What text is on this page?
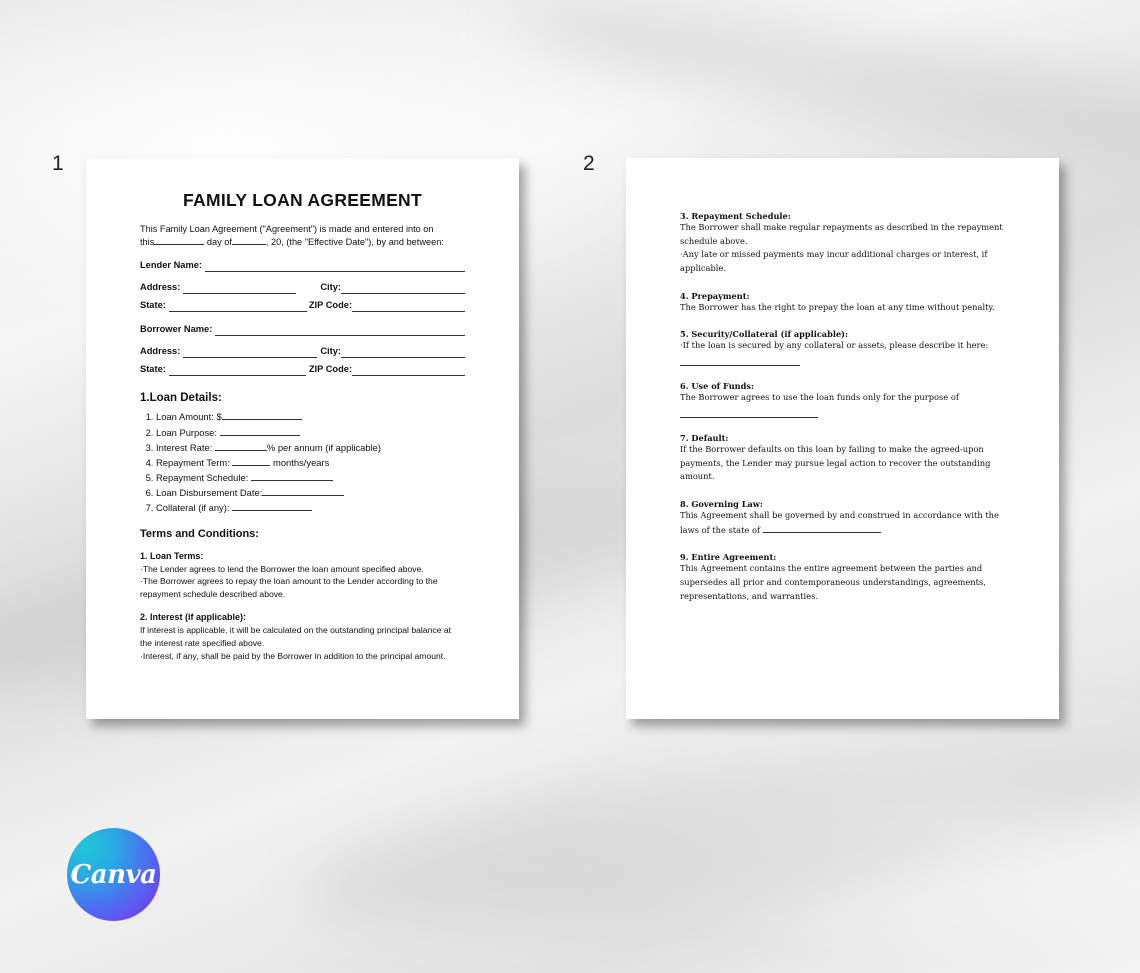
1	2
FAMILY LOAN AGREEMENT
This Family Loan Agreement ("Agreement") is made and entered into on
this	day of	, 20, (the "Effective Date"), by and between:
Lender Name:
Address:	City:
State:	ZIP Code:
Borrower Name:
Address:	City:
State:	ZIP Code:
1.Loan Details:
1. Loan Amount: $
2. Loan Purpose:
3. Interest Rate:	% per annum (if applicable)
4. Repayment Term:	months/years
5. Repayment Schedule:
6. Loan Disbursement Date:
7. Collateral (if any):
Terms and Conditions:
1. Loan Terms:
·The Lender agrees to lend the Borrower the loan amount specified above.
·The Borrower agrees to repay the loan amount to the Lender according to the repayment schedule described above.
2. Interest (if applicable):
If interest is applicable, it will be calculated on the outstanding principal balance at the interest rate specified above.
·Interest, if any, shall be paid by the Borrower in addition to the principal amount.
3. Repayment Schedule:
The Borrower shall make regular repayments as described in the repayment schedule above.
·Any late or missed payments may incur additional charges or interest, if applicable.
4. Prepayment:
The Borrower has the right to prepay the loan at any time without penalty.
5. Security/Collateral (if applicable):
·If the loan is secured by any collateral or assets, please describe it here:
6. Use of Funds:
The Borrower agrees to use the loan funds only for the purpose of
7. Default:
If the Borrower defaults on this loan by failing to make the agreed-upon payments, the Lender may pursue legal action to recover the outstanding amount.
8. Governing Law:
This Agreement shall be governed by and construed in accordance with the laws of the state of
9. Entire Agreement:
This Agreement contains the entire agreement between the parties and supersedes all prior and contemporaneous understandings, agreements, representations, and warranties.
Canva
